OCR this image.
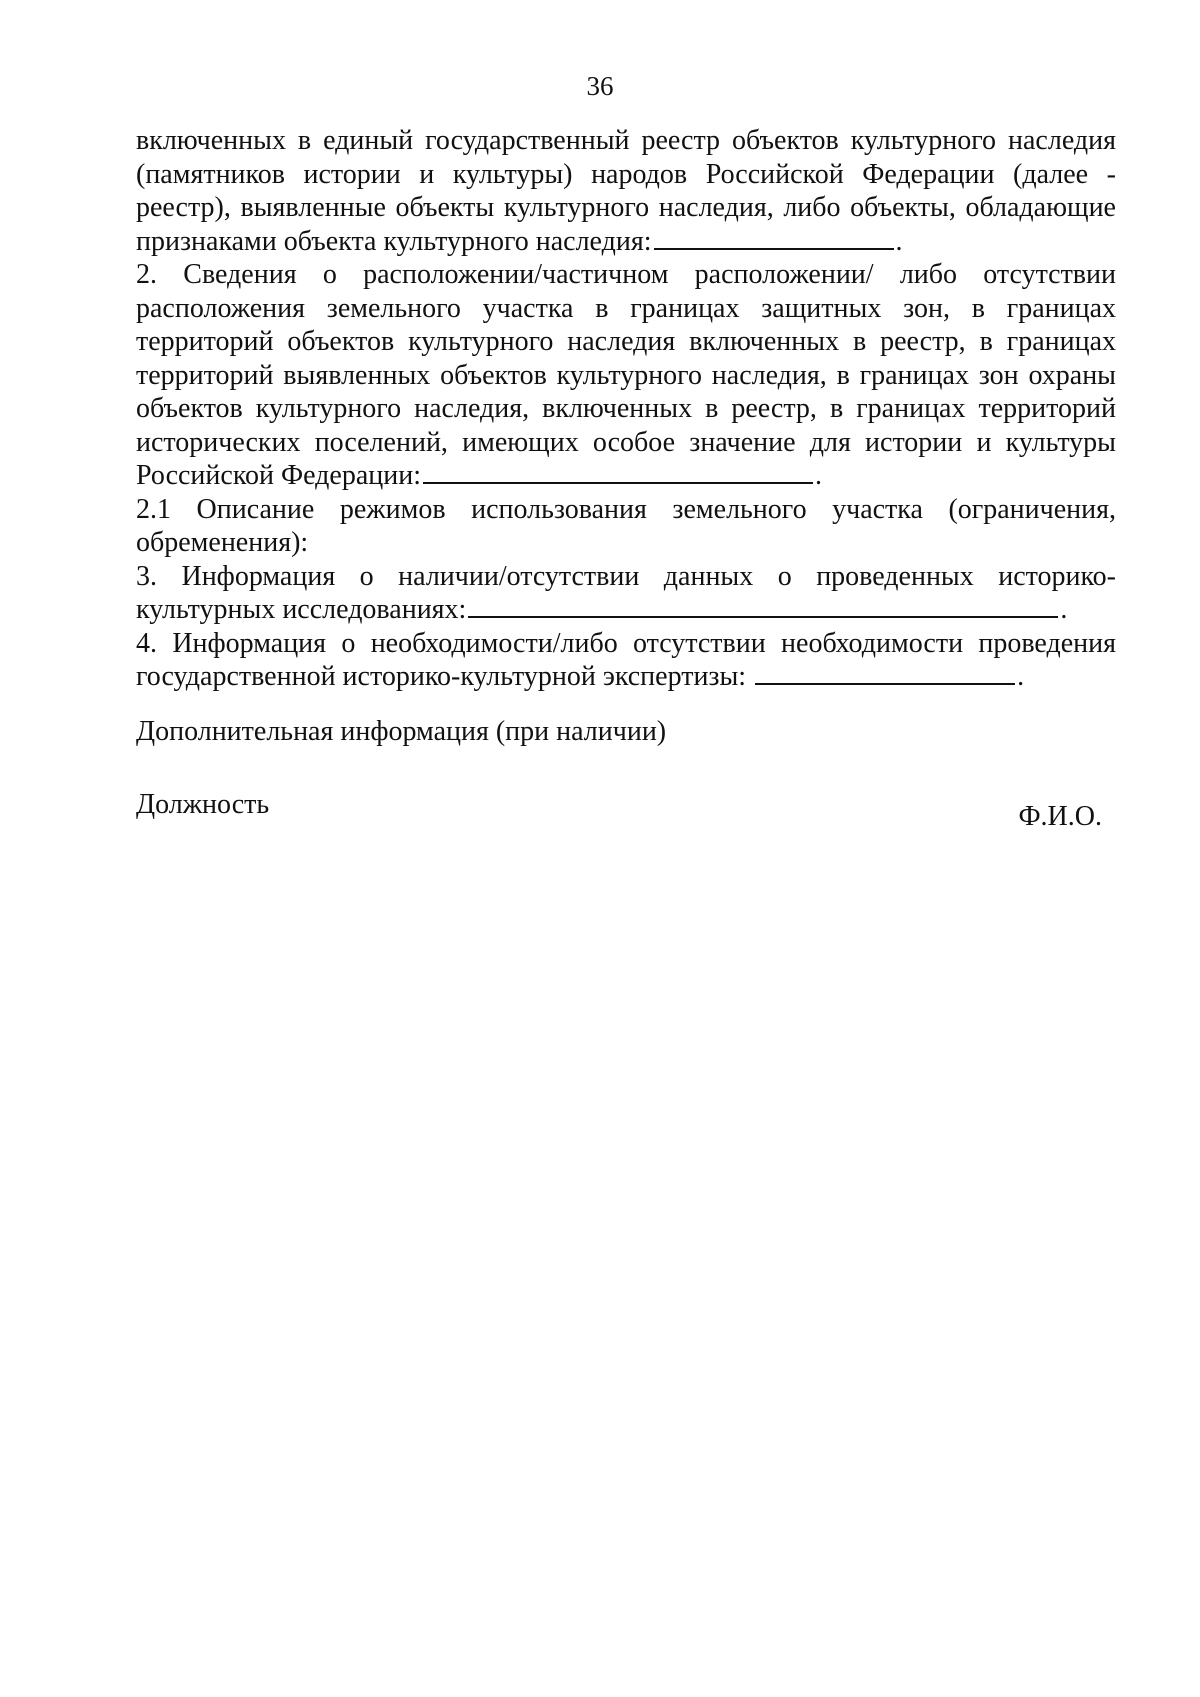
36

включенных в единый государственный реестр объектов культурного наследия (памятников истории и культуры) народов Российской Федерации (далее - реестр), выявленные объекты культурного наследия, либо объекты, обладающие признаками объекта культурного наследия:	.

2. Сведения о расположении/частичном расположении/ либо отсутствии расположения земельного участка в границах защитных зон, в границах территорий объектов культурного наследия включенных в реестр, в границах территорий выявленных объектов культурного наследия, в границах зон охраны объектов культурного наследия, включенных в реестр, в границах территорий исторических поселений, имеющих особое значение для истории и культуры Российской Федерации:	.

2.1 Описание режимов использования земельного участка (ограничения, обременения):

3. Информация о наличии/отсутствии данных о проведенных историко-культурных исследованиях:	.

4. Информация о необходимости/либо отсутствии необходимости проведения государственной историко-культурной экспертизы:	.

Дополнительная информация (при наличии)
Должность	Ф.И.О.
